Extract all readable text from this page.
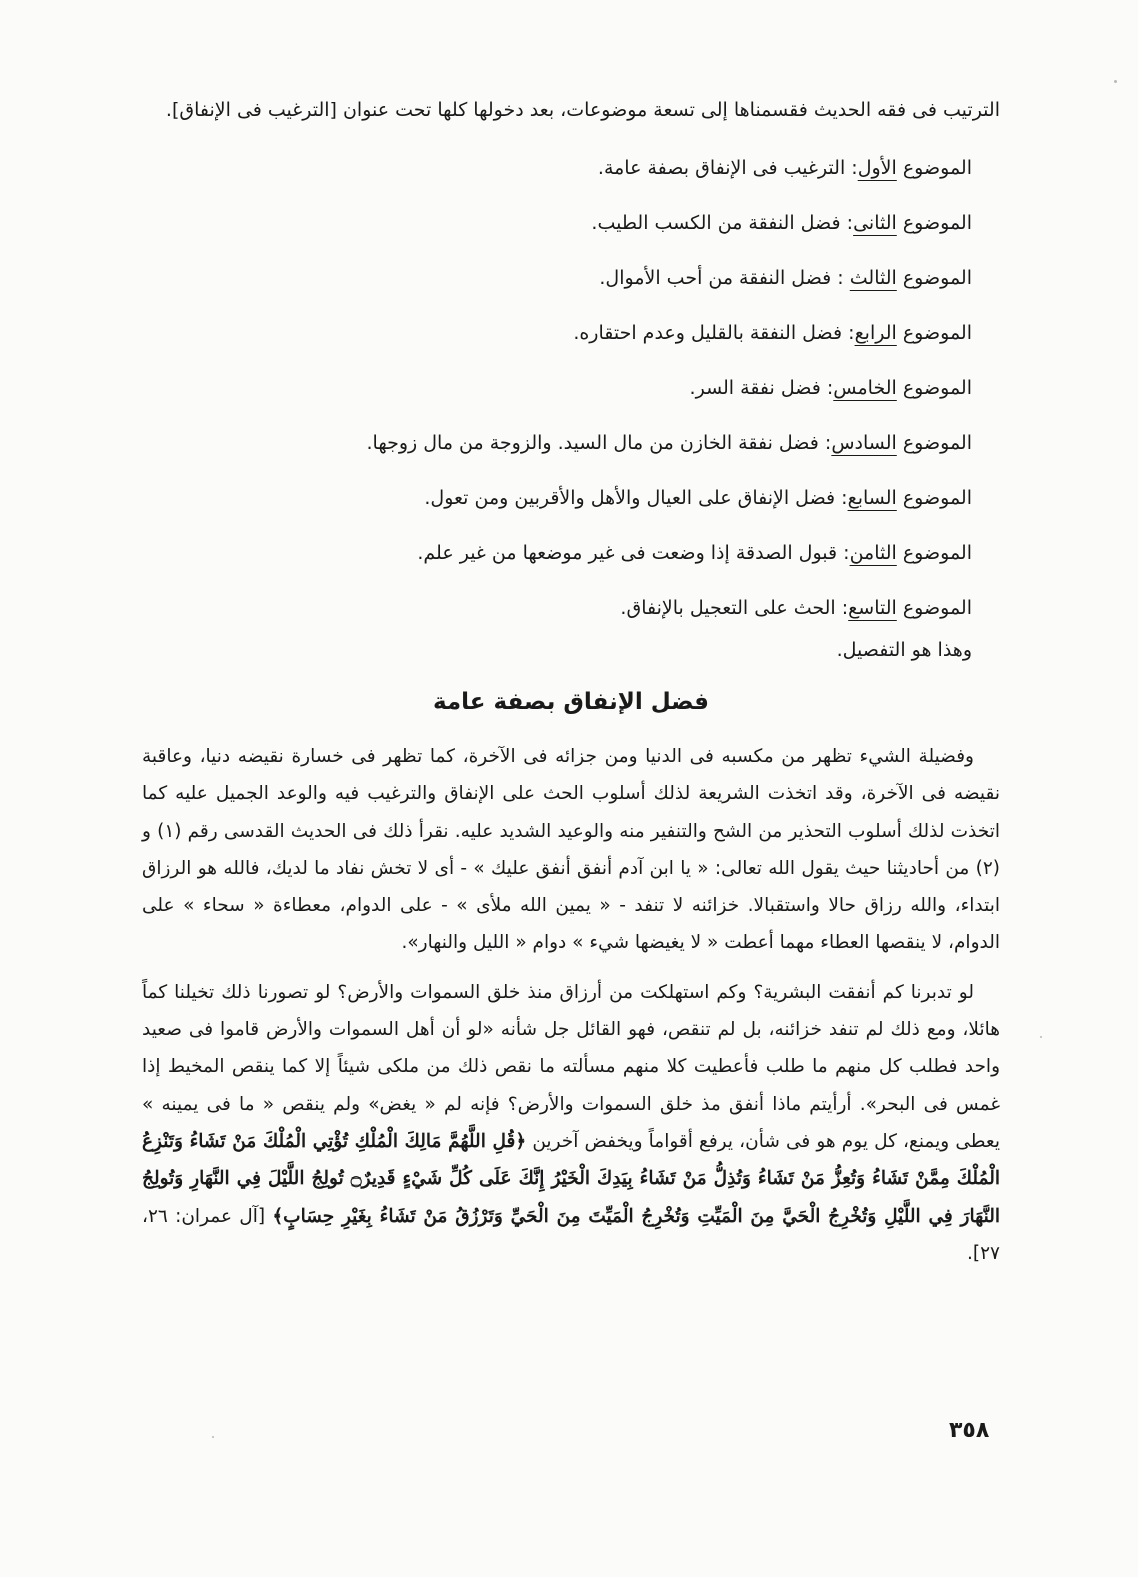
الترتيب فى فقه الحديث فقسمناها إلى تسعة موضوعات، بعد دخولها كلها تحت عنوان [الترغيب فى الإنفاق].

الموضوع الأول: الترغيب فى الإنفاق بصفة عامة.
الموضوع الثانى: فضل النفقة من الكسب الطيب.
الموضوع الثالث : فضل النفقة من أحب الأموال.
الموضوع الرابع: فضل النفقة بالقليل وعدم احتقاره.
الموضوع الخامس: فضل نفقة السر.
الموضوع السادس: فضل نفقة الخازن من مال السيد. والزوجة من مال زوجها.
الموضوع السابع: فضل الإنفاق على العيال والأهل والأقربين ومن تعول.
الموضوع الثامن: قبول الصدقة إذا وضعت فى غير موضعها من غير علم.
الموضوع التاسع: الحث على التعجيل بالإنفاق.

وهذا هو التفصيل.

فضل الإنفاق بصفة عامة

وفضيلة الشيء تظهر من مكسبه فى الدنيا ومن جزائه فى الآخرة، كما تظهر فى خسارة نقيضه دنيا، وعاقبة نقيضه فى الآخرة، وقد اتخذت الشريعة لذلك أسلوب الحث على الإنفاق والترغيب فيه والوعد الجميل عليه كما اتخذت لذلك أسلوب التحذير من الشح والتنفير منه والوعيد الشديد عليه. نقرأ ذلك فى الحديث القدسى رقم (١) و (٢) من أحاديثنا حيث يقول الله تعالى: « يا ابن آدم أنفق أنفق عليك » - أى لا تخش نفاد ما لديك، فالله هو الرزاق ابتداء، والله رزاق حالا واستقبالا. خزائنه لا تنفد - « يمين الله ملأى » - على الدوام، معطاءة « سحاء » على الدوام، لا ينقصها العطاء مهما أعطت « لا يغيضها شيء » دوام « الليل والنهار».

لو تدبرنا كم أنفقت البشرية؟ وكم استهلكت من أرزاق منذ خلق السموات والأرض؟ لو تصورنا ذلك تخيلنا كماً هائلا، ومع ذلك لم تنفد خزائنه، بل لم تنقص، فهو القائل جل شأنه «لو أن أهل السموات والأرض قاموا فى صعيد واحد فطلب كل منهم ما طلب فأعطيت كلا منهم مسألته ما نقص ذلك من ملكى شيئاً إلا كما ينقص المخيط إذا غمس فى البحر». أرأيتم ماذا أنفق مذ خلق السموات والأرض؟ فإنه لم « يغض» ولم ينقص « ما فى يمينه » يعطى ويمنع، كل يوم هو فى شأن، يرفع أقواماً ويخفض آخرين ﴿قُلِ اللَّهُمَّ مَالِكَ الْمُلْكِ تُؤْتِي الْمُلْكَ مَنْ تَشَاءُ وَتَنْزِعُ الْمُلْكَ مِمَّنْ تَشَاءُ وَتُعِزُّ مَنْ تَشَاءُ وَتُذِلُّ مَنْ تَشَاءُ بِيَدِكَ الْخَيْرُ إِنَّكَ عَلَى كُلِّ شَيْءٍ قَدِيرٌ۝ تُولِجُ اللَّيْلَ فِي النَّهَارِ وَتُولِجُ النَّهَارَ فِي اللَّيْلِ وَتُخْرِجُ الْحَيَّ مِنَ الْمَيِّتِ وَتُخْرِجُ الْمَيِّتَ مِنَ الْحَيِّ وَتَرْزُقُ مَنْ تَشَاءُ بِغَيْرِ حِسَابٍ﴾ [آل عمران: ٢٦، ٢٧].

٣٥٨
